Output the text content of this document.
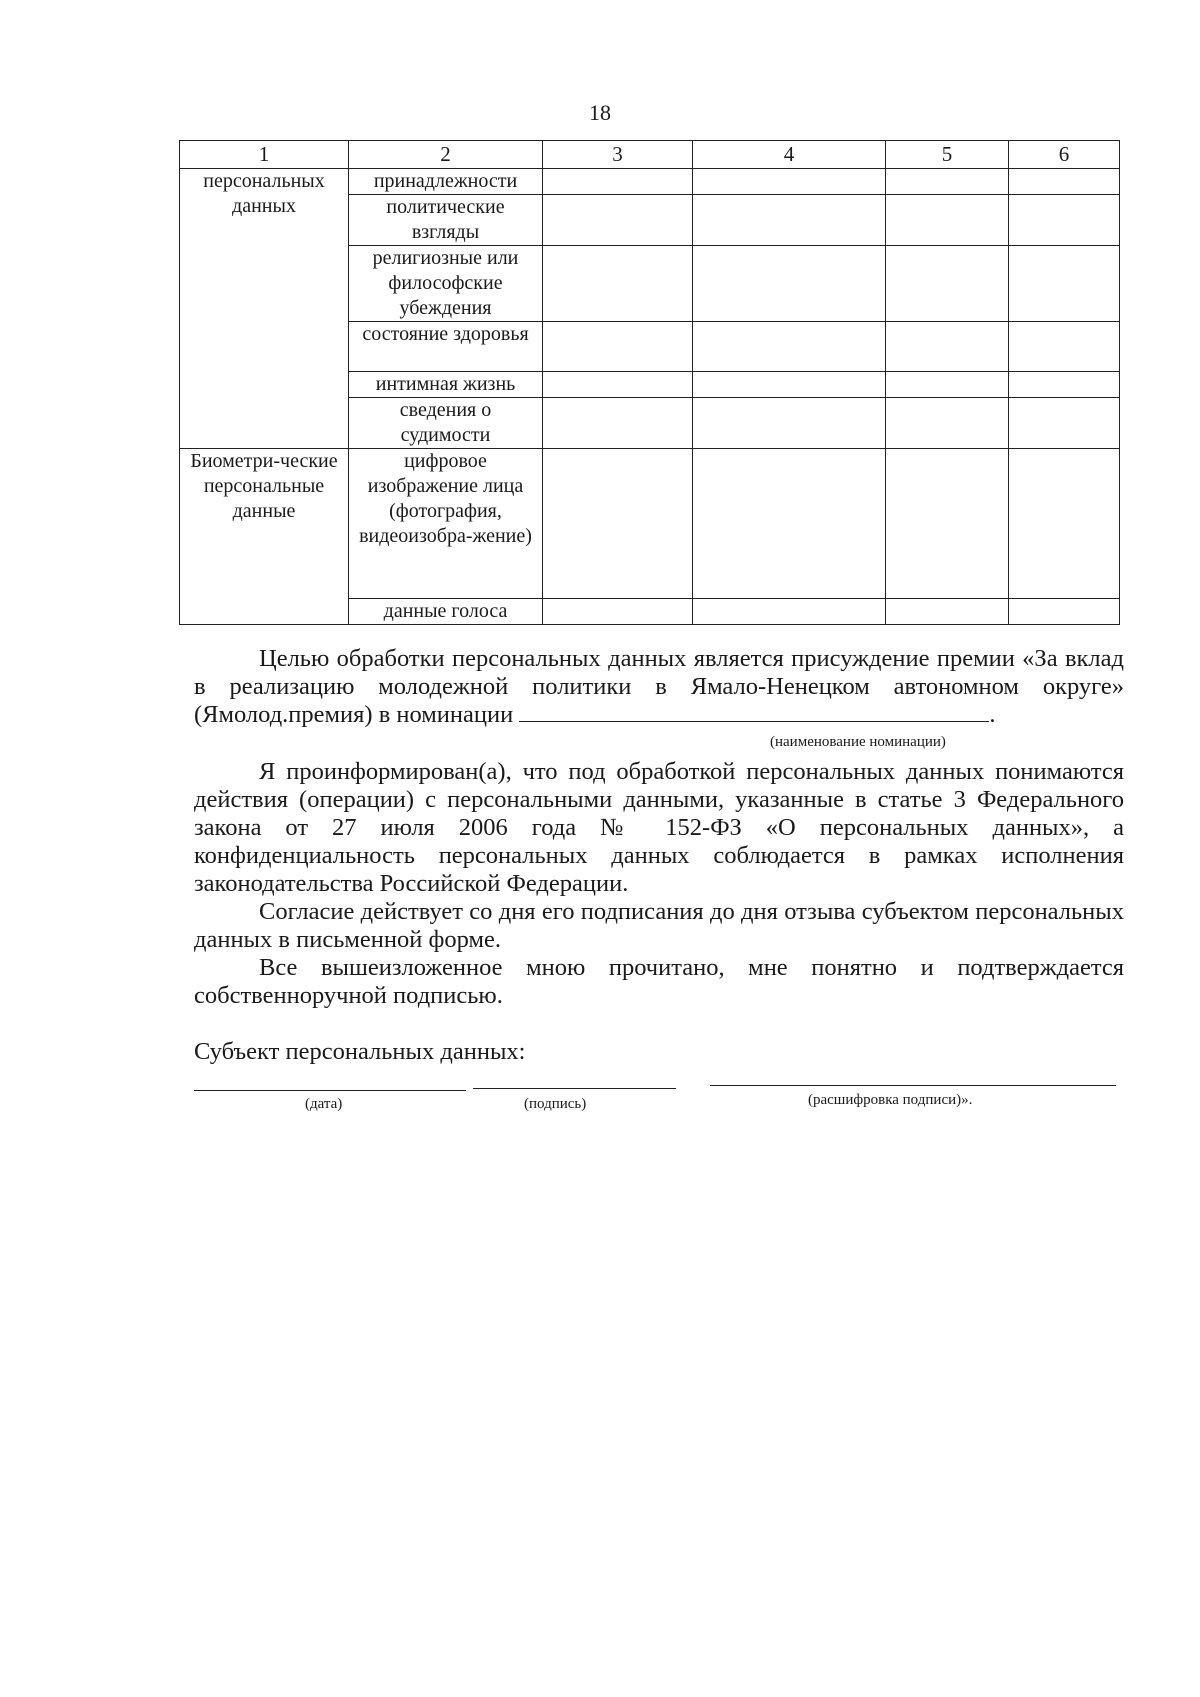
18
1	2	3	4	5	6
персональных данных	принадлежности				
	политические взгляды				
	религиозные или философские убеждения				
	состояние здоровья				
	интимная жизнь				
	сведения о судимости				
Биометри-ческие персональные данные	цифровое изображение лица (фотография, видеоизобра-жение)				
	данные голоса				

Целью обработки персональных данных является присуждение премии «За вклад в реализацию молодежной политики в Ямало-Ненецком автономном округе» (Ямолод.премия) в номинации	.

(наименование номинации)

Я проинформирован(а), что под обработкой персональных данных понимаются действия (операции) с персональными данными, указанные в статье 3 Федерального закона от 27 июля 2006 года № 152-ФЗ «О персональных данных», а конфиденциальность персональных данных соблюдается в рамках исполнения законодательства Российской Федерации.

Согласие действует со дня его подписания до дня отзыва субъектом персональных данных в письменной форме.

Все вышеизложенное мною прочитано, мне понятно и подтверждается собственноручной подписью.

Субъект персональных данных:
(дата)	(подпись)	(расшифровка подписи)».
